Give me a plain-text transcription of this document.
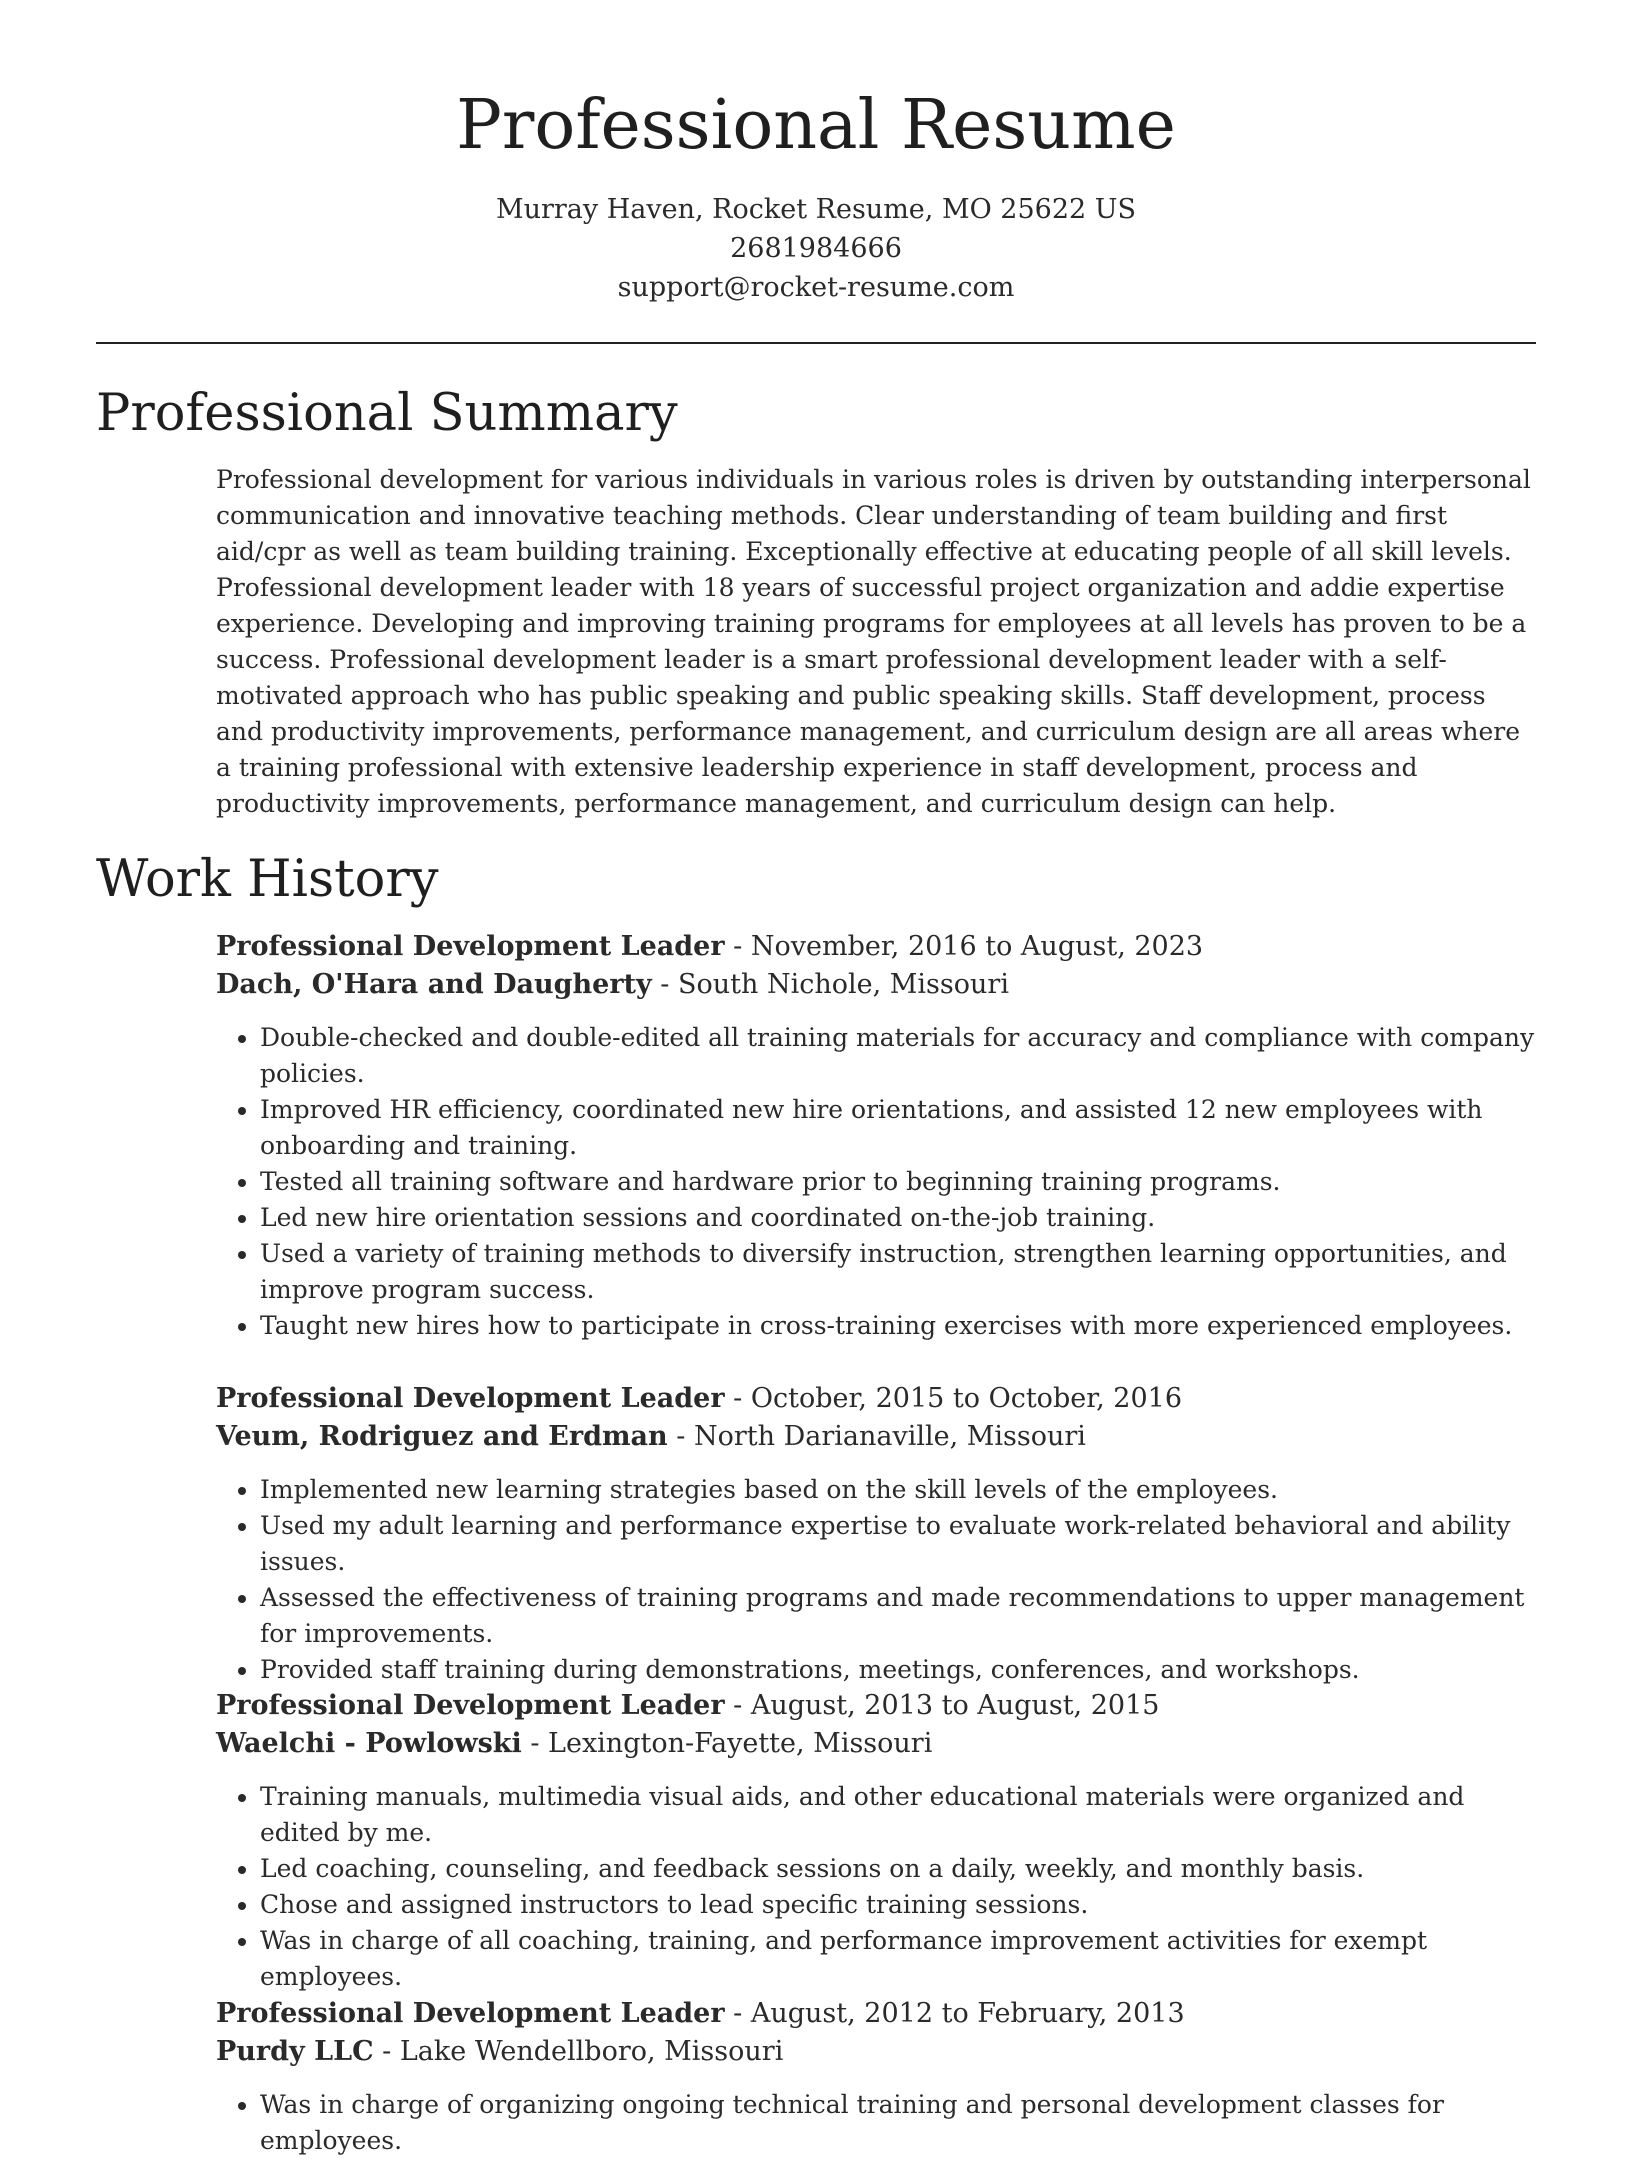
Professional Resume
Murray Haven, Rocket Resume, MO 25622 US
2681984666
support@rocket-resume.com
Professional Summary

Professional development for various individuals in various roles is driven by outstanding interpersonal communication and innovative teaching methods. Clear understanding of team building and first aid/cpr as well as team building training. Exceptionally effective at educating people of all skill levels. Professional development leader with 18 years of successful project organization and addie expertise experience. Developing and improving training programs for employees at all levels has proven to be a success. Professional development leader is a smart professional development leader with a self-motivated approach who has public speaking and public speaking skills. Staff development, process and productivity improvements, performance management, and curriculum design are all areas where a training professional with extensive leadership experience in staff development, process and productivity improvements, performance management, and curriculum design can help.

Work History
Professional Development Leader - November, 2016 to August, 2023
Dach, O'Hara and Daugherty - South Nichole, Missouri
• Double-checked and double-edited all training materials for accuracy and compliance with company policies.
• Improved HR efficiency, coordinated new hire orientations, and assisted 12 new employees with onboarding and training.
• Tested all training software and hardware prior to beginning training programs.
• Led new hire orientation sessions and coordinated on-the-job training.
• Used a variety of training methods to diversify instruction, strengthen learning opportunities, and improve program success.
• Taught new hires how to participate in cross-training exercises with more experienced employees.
Professional Development Leader - October, 2015 to October, 2016
Veum, Rodriguez and Erdman - North Darianaville, Missouri
• Implemented new learning strategies based on the skill levels of the employees.
• Used my adult learning and performance expertise to evaluate work-related behavioral and ability issues.
• Assessed the effectiveness of training programs and made recommendations to upper management for improvements.
• Provided staff training during demonstrations, meetings, conferences, and workshops.
Professional Development Leader - August, 2013 to August, 2015
Waelchi - Powlowski - Lexington-Fayette, Missouri
• Training manuals, multimedia visual aids, and other educational materials were organized and edited by me.
• Led coaching, counseling, and feedback sessions on a daily, weekly, and monthly basis.
• Chose and assigned instructors to lead specific training sessions.
• Was in charge of all coaching, training, and performance improvement activities for exempt employees.
Professional Development Leader - August, 2012 to February, 2013
Purdy LLC - Lake Wendellboro, Missouri
• Was in charge of organizing ongoing technical training and personal development classes for employees.
